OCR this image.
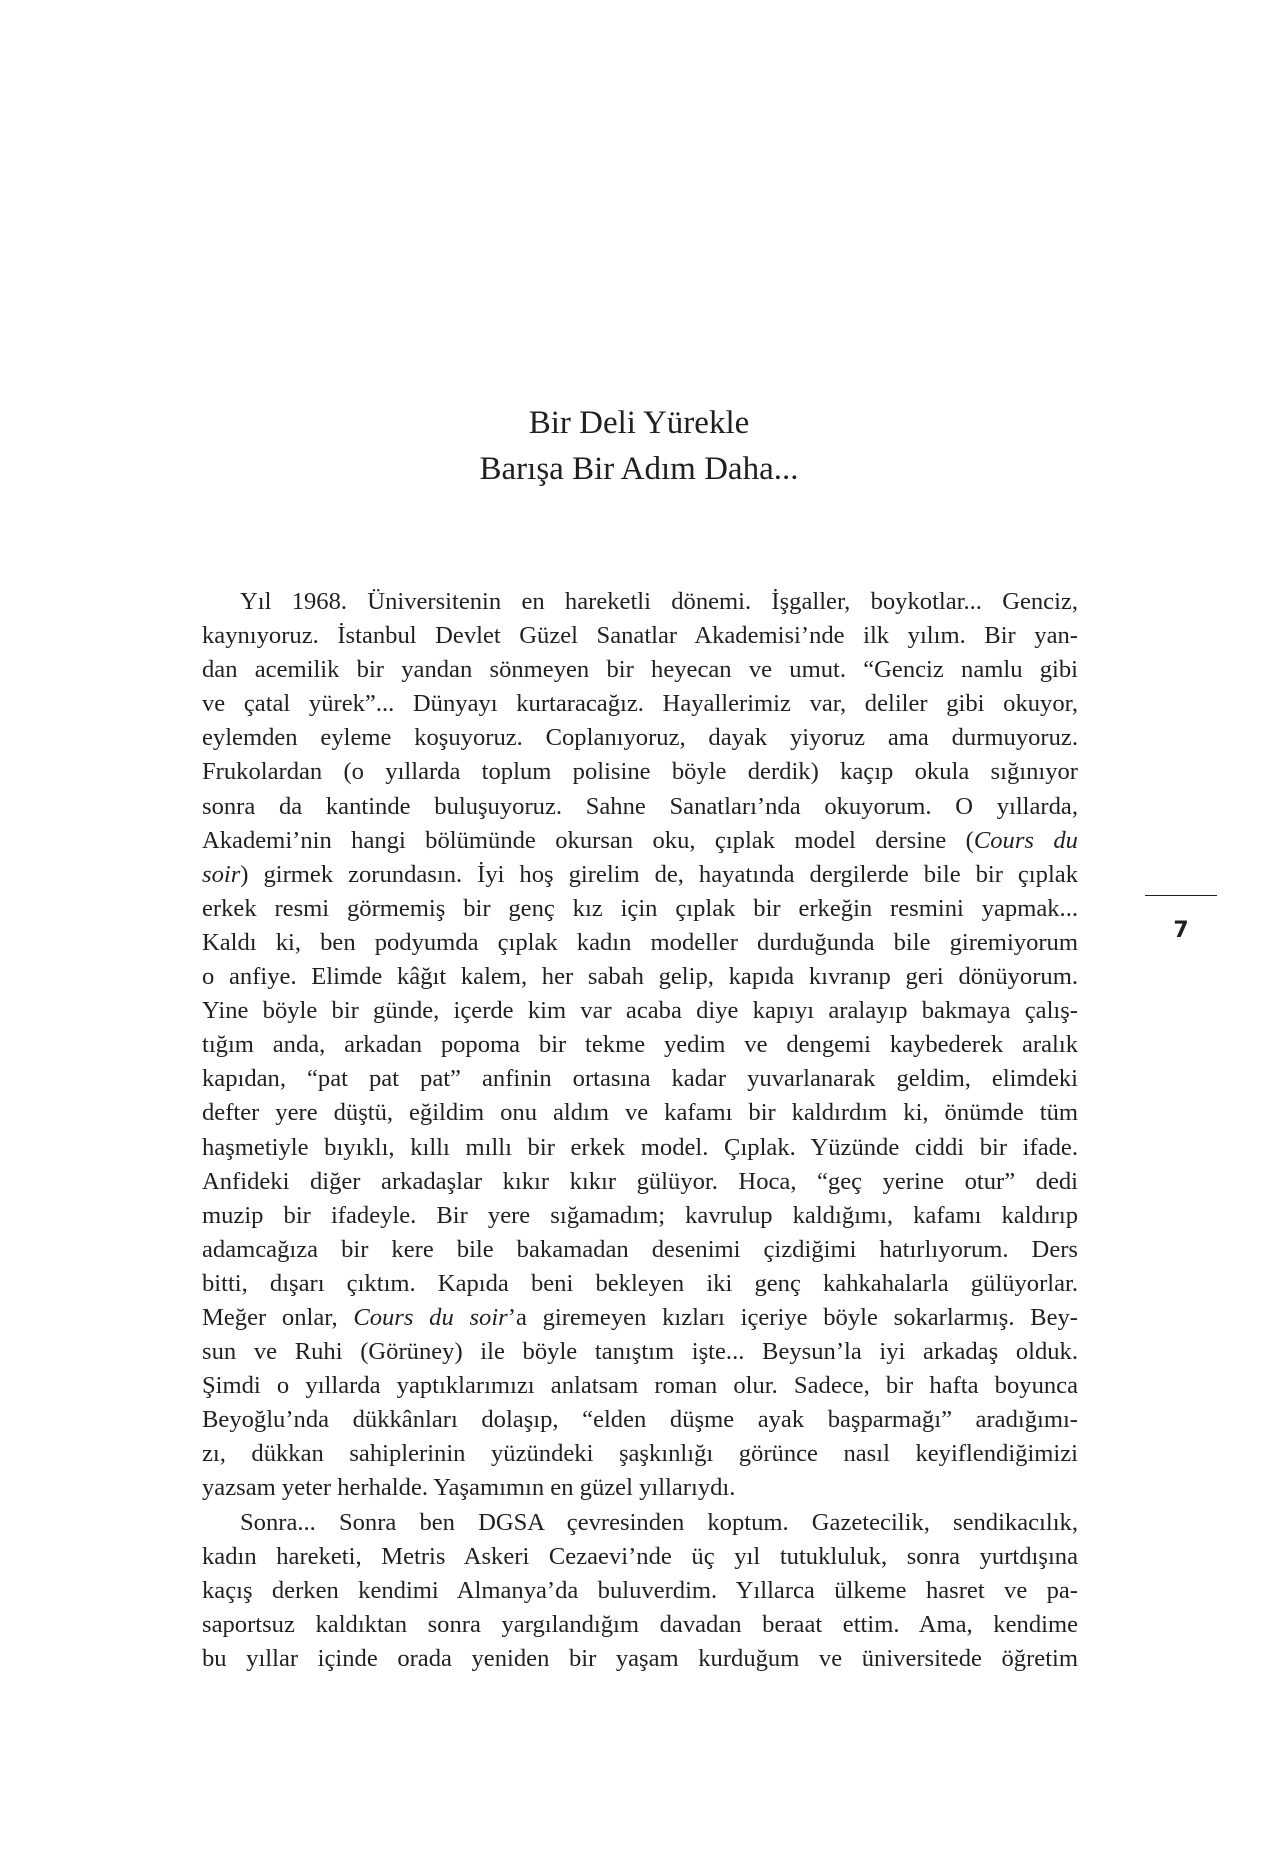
Bir Deli Yürekle
Barışa Bir Adım Daha...
Yıl 1968. Üniversitenin en hareketli dönemi. İşgaller, boykotlar... Genciz,
kaynıyoruz. İstanbul Devlet Güzel Sanatlar Akademisi’nde ilk yılım. Bir yan-
dan acemilik bir yandan sönmeyen bir heyecan ve umut. “Genciz namlu gibi
ve çatal yürek”... Dünyayı kurtaracağız. Hayallerimiz var, deliler gibi okuyor,
eylemden eyleme koşuyoruz. Coplanıyoruz, dayak yiyoruz ama durmuyoruz.
Frukolardan (o yıllarda toplum polisine böyle derdik) kaçıp okula sığınıyor
sonra da kantinde buluşuyoruz. Sahne Sanatları’nda okuyorum. O yıllarda,
Akademi’nin hangi bölümünde okursan oku, çıplak model dersine (Cours du
soir) girmek zorundasın. İyi hoş girelim de, hayatında dergilerde bile bir çıplak
erkek resmi görmemiş bir genç kız için çıplak bir erkeğin resmini yapmak...
Kaldı ki, ben podyumda çıplak kadın modeller durduğunda bile giremiyorum
o anfiye. Elimde kâğıt kalem, her sabah gelip, kapıda kıvranıp geri dönüyorum.
Yine böyle bir günde, içerde kim var acaba diye kapıyı aralayıp bakmaya çalış-
tığım anda, arkadan popoma bir tekme yedim ve dengemi kaybederek aralık
kapıdan, “pat pat pat” anfinin ortasına kadar yuvarlanarak geldim, elimdeki
defter yere düştü, eğildim onu aldım ve kafamı bir kaldırdım ki, önümde tüm
haşmetiyle bıyıklı, kıllı mıllı bir erkek model. Çıplak. Yüzünde ciddi bir ifade.
Anfideki diğer arkadaşlar kıkır kıkır gülüyor. Hoca, “geç yerine otur” dedi
muzip bir ifadeyle. Bir yere sığamadım; kavrulup kaldığımı, kafamı kaldırıp
adamcağıza bir kere bile bakamadan desenimi çizdiğimi hatırlıyorum. Ders
bitti, dışarı çıktım. Kapıda beni bekleyen iki genç kahkahalarla gülüyorlar.
Meğer onlar, Cours du soir’a giremeyen kızları içeriye böyle sokarlarmış. Bey-
sun ve Ruhi (Görüney) ile böyle tanıştım işte... Beysun’la iyi arkadaş olduk.
Şimdi o yıllarda yaptıklarımızı anlatsam roman olur. Sadece, bir hafta boyunca
Beyoğlu’nda dükkânları dolaşıp, “elden düşme ayak başparmağı” aradığımı-
zı, dükkan sahiplerinin yüzündeki şaşkınlığı görünce nasıl keyiflendiğimizi
yazsam yeter herhalde. Yaşamımın en güzel yıllarıydı.
Sonra... Sonra ben DGSA çevresinden koptum. Gazetecilik, sendikacılık,
kadın hareketi, Metris Askeri Cezaevi’nde üç yıl tutukluluk, sonra yurtdışına
kaçış derken kendimi Almanya’da buluverdim. Yıllarca ülkeme hasret ve pa-
saportsuz kaldıktan sonra yargılandığım davadan beraat ettim. Ama, kendime
bu yıllar içinde orada yeniden bir yaşam kurduğum ve üniversitede öğretim
7
